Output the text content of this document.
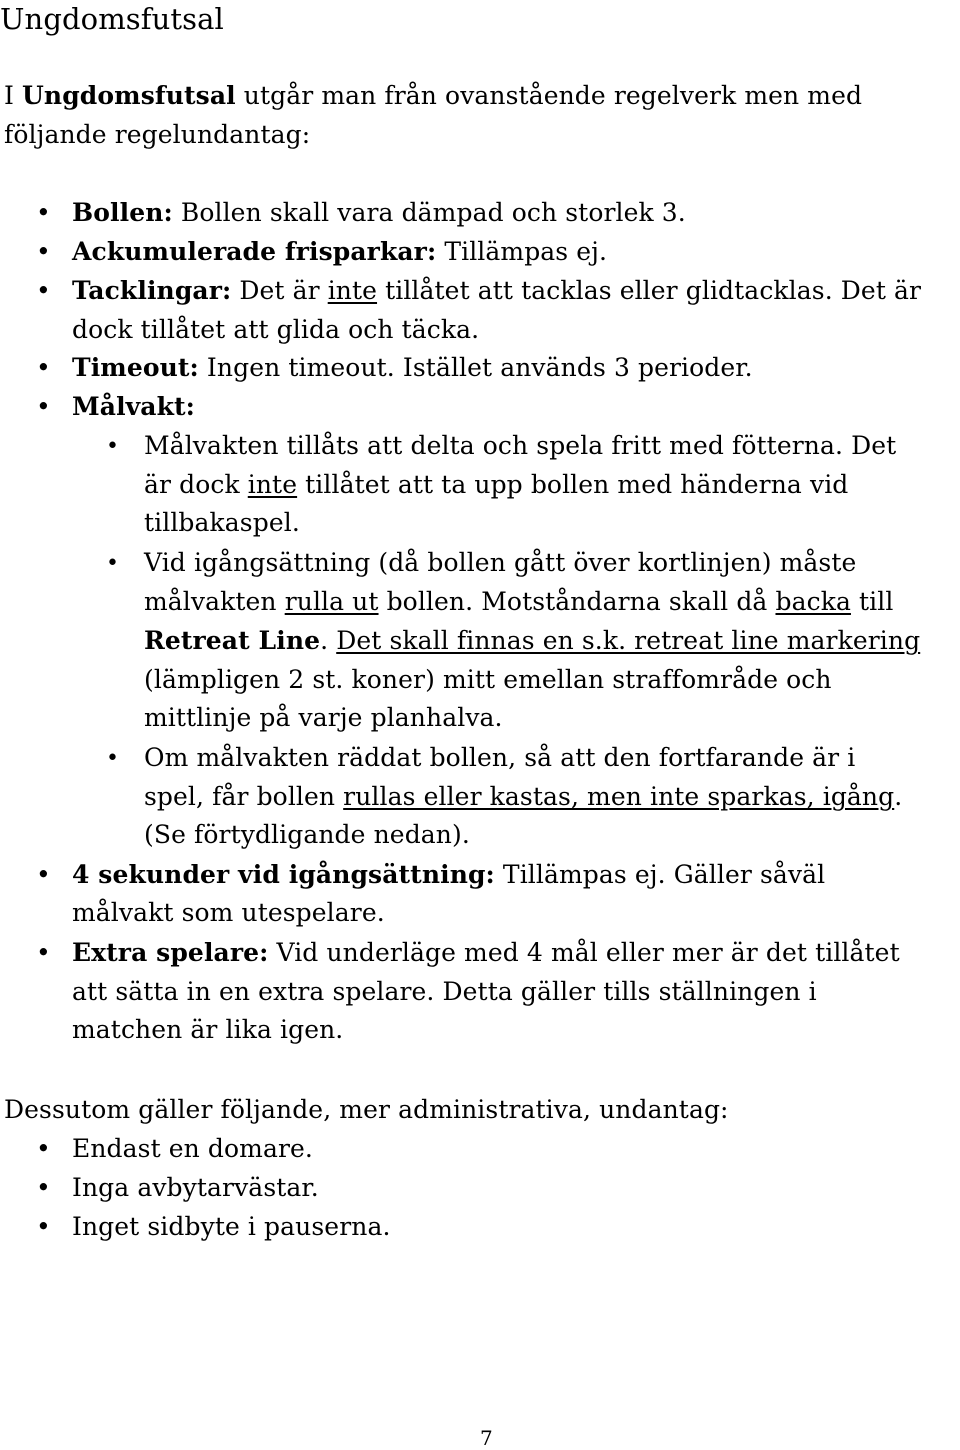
Ungdomsfutsal
7
I Ungdomsfutsal utgår man från ovanstående regelverk men med
följande regelundantag:
• Bollen: Bollen skall vara dämpad och storlek 3.
• Ackumulerade frisparkar: Tillämpas ej.
• Tacklingar: Det är inte tillåtet att tacklas eller glidtacklas. Det är
dock tillåtet att glida och täcka.
• Timeout: Ingen timeout. Istället används 3 perioder.
• Målvakt:
• Målvakten tillåts att delta och spela fritt med fötterna. Det
är dock inte tillåtet att ta upp bollen med händerna vid
tillbakaspel.
• Vid igångsättning (då bollen gått över kortlinjen) måste
målvakten rulla ut bollen. Motståndarna skall då backa till
Retreat Line. Det skall finnas en s.k. retreat line markering
(lämpligen 2 st. koner) mitt emellan straffområde och
mittlinje på varje planhalva.
• Om målvakten räddat bollen, så att den fortfarande är i
spel, får bollen rullas eller kastas, men inte sparkas, igång.
(Se förtydligande nedan).
• 4 sekunder vid igångsättning: Tillämpas ej. Gäller såväl
målvakt som utespelare.
• Extra spelare: Vid underläge med 4 mål eller mer är det tillåtet
att sätta in en extra spelare. Detta gäller tills ställningen i
matchen är lika igen.
Dessutom gäller följande, mer administrativa, undantag:
• Endast en domare.
• Inga avbytarvästar.
• Inget sidbyte i pauserna.
